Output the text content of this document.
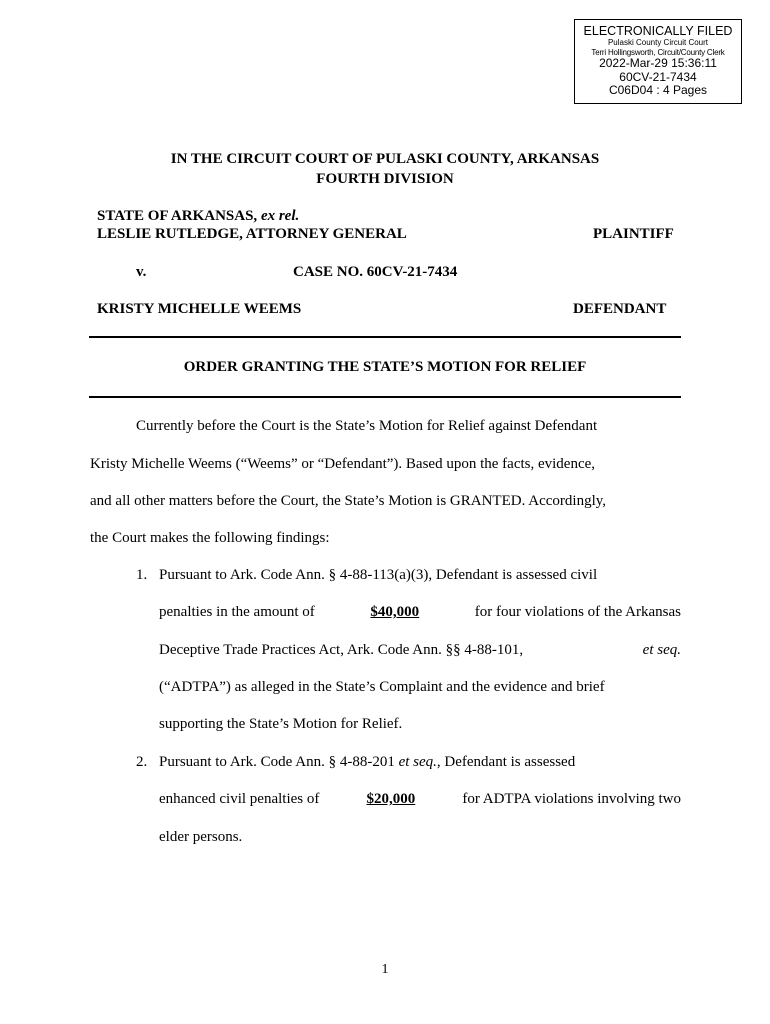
ELECTRONICALLY FILED
Pulaski County Circuit Court
Terri Hollingsworth, Circuit/County Clerk
2022-Mar-29 15:36:11
60CV-21-7434
C06D04 : 4 Pages
IN THE CIRCUIT COURT OF PULASKI COUNTY, ARKANSAS
FOURTH DIVISION
STATE OF ARKANSAS, ex rel.
LESLIE RUTLEDGE, ATTORNEY GENERAL	PLAINTIFF
v.	CASE NO. 60CV-21-7434
KRISTY MICHELLE WEEMS	DEFENDANT
ORDER GRANTING THE STATE’S MOTION FOR RELIEF
Currently before the Court is the State’s Motion for Relief against Defendant
Kristy Michelle Weems (“Weems” or “Defendant”). Based upon the facts, evidence,
and all other matters before the Court, the State’s Motion is GRANTED. Accordingly,
the Court makes the following findings:
1. Pursuant to Ark. Code Ann. § 4-88-113(a)(3), Defendant is assessed civil
penalties in the amount of	$40,000	for four violations of the Arkansas
Deceptive Trade Practices Act, Ark. Code Ann. §§ 4-88-101,	et seq.
(“ADTPA”) as alleged in the State’s Complaint and the evidence and brief
supporting the State’s Motion for Relief.
2. Pursuant to Ark. Code Ann. § 4-88-201 et seq., Defendant is assessed
enhanced civil penalties of	$20,000	for ADTPA violations involving two
elder persons.
1
